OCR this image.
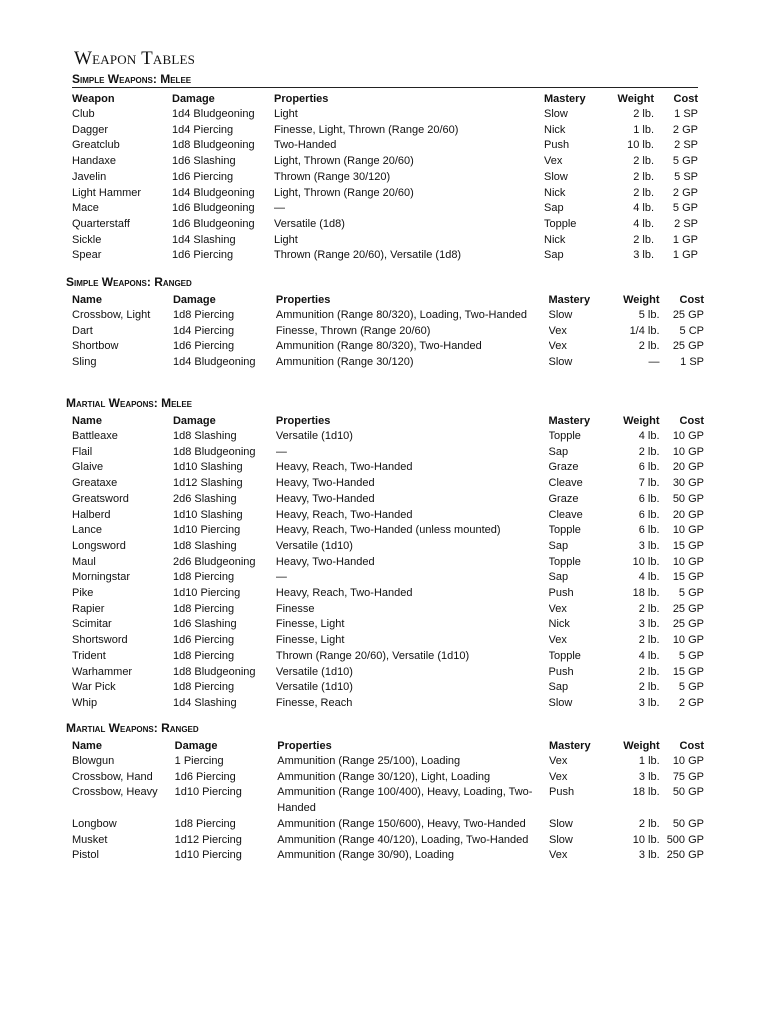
Weapon Tables
Simple Weapons: Melee
Weapon	Damage	Properties	Mastery	Weight	Cost
Club	1d4 Bludgeoning	Light	Slow	2 lb.	1 SP
Dagger	1d4 Piercing	Finesse, Light, Thrown (Range 20/60)	Nick	1 lb.	2 GP
Greatclub	1d8 Bludgeoning	Two-Handed	Push	10 lb.	2 SP
Handaxe	1d6 Slashing	Light, Thrown (Range 20/60)	Vex	2 lb.	5 GP
Javelin	1d6 Piercing	Thrown (Range 30/120)	Slow	2 lb.	5 SP
Light Hammer	1d4 Bludgeoning	Light, Thrown (Range 20/60)	Nick	2 lb.	2 GP
Mace	1d6 Bludgeoning	—	Sap	4 lb.	5 GP
Quarterstaff	1d6 Bludgeoning	Versatile (1d8)	Topple	4 lb.	2 SP
Sickle	1d4 Slashing	Light	Nick	2 lb.	1 GP
Spear	1d6 Piercing	Thrown (Range 20/60), Versatile (1d8)	Sap	3 lb.	1 GP
Simple Weapons: Ranged
Name	Damage	Properties	Mastery	Weight	Cost
Crossbow, Light	1d8 Piercing	Ammunition (Range 80/320), Loading, Two-Handed	Slow	5 lb.	25 GP
Dart	1d4 Piercing	Finesse, Thrown (Range 20/60)	Vex	1/4 lb.	5 CP
Shortbow	1d6 Piercing	Ammunition (Range 80/320), Two-Handed	Vex	2 lb.	25 GP
Sling	1d4 Bludgeoning	Ammunition (Range 30/120)	Slow	—	1 SP
Martial Weapons: Melee
Name	Damage	Properties	Mastery	Weight	Cost
Battleaxe	1d8 Slashing	Versatile (1d10)	Topple	4 lb.	10 GP
Flail	1d8 Bludgeoning	—	Sap	2 lb.	10 GP
Glaive	1d10 Slashing	Heavy, Reach, Two-Handed	Graze	6 lb.	20 GP
Greataxe	1d12 Slashing	Heavy, Two-Handed	Cleave	7 lb.	30 GP
Greatsword	2d6 Slashing	Heavy, Two-Handed	Graze	6 lb.	50 GP
Halberd	1d10 Slashing	Heavy, Reach, Two-Handed	Cleave	6 lb.	20 GP
Lance	1d10 Piercing	Heavy, Reach, Two-Handed (unless mounted)	Topple	6 lb.	10 GP
Longsword	1d8 Slashing	Versatile (1d10)	Sap	3 lb.	15 GP
Maul	2d6 Bludgeoning	Heavy, Two-Handed	Topple	10 lb.	10 GP
Morningstar	1d8 Piercing	—	Sap	4 lb.	15 GP
Pike	1d10 Piercing	Heavy, Reach, Two-Handed	Push	18 lb.	5 GP
Rapier	1d8 Piercing	Finesse	Vex	2 lb.	25 GP
Scimitar	1d6 Slashing	Finesse, Light	Nick	3 lb.	25 GP
Shortsword	1d6 Piercing	Finesse, Light	Vex	2 lb.	10 GP
Trident	1d8 Piercing	Thrown (Range 20/60), Versatile (1d10)	Topple	4 lb.	5 GP
Warhammer	1d8 Bludgeoning	Versatile (1d10)	Push	2 lb.	15 GP
War Pick	1d8 Piercing	Versatile (1d10)	Sap	2 lb.	5 GP
Whip	1d4 Slashing	Finesse, Reach	Slow	3 lb.	2 GP
Martial Weapons: Ranged
Name	Damage	Properties	Mastery	Weight	Cost
Blowgun	1 Piercing	Ammunition (Range 25/100), Loading	Vex	1 lb.	10 GP
Crossbow, Hand	1d6 Piercing	Ammunition (Range 30/120), Light, Loading	Vex	3 lb.	75 GP
Crossbow, Heavy	1d10 Piercing	Ammunition (Range 100/400), Heavy, Loading, Two-Handed	Push	18 lb.	50 GP
Longbow	1d8 Piercing	Ammunition (Range 150/600), Heavy, Two-Handed	Slow	2 lb.	50 GP
Musket	1d12 Piercing	Ammunition (Range 40/120), Loading, Two-Handed	Slow	10 lb.	500 GP
Pistol	1d10 Piercing	Ammunition (Range 30/90), Loading	Vex	3 lb.	250 GP
